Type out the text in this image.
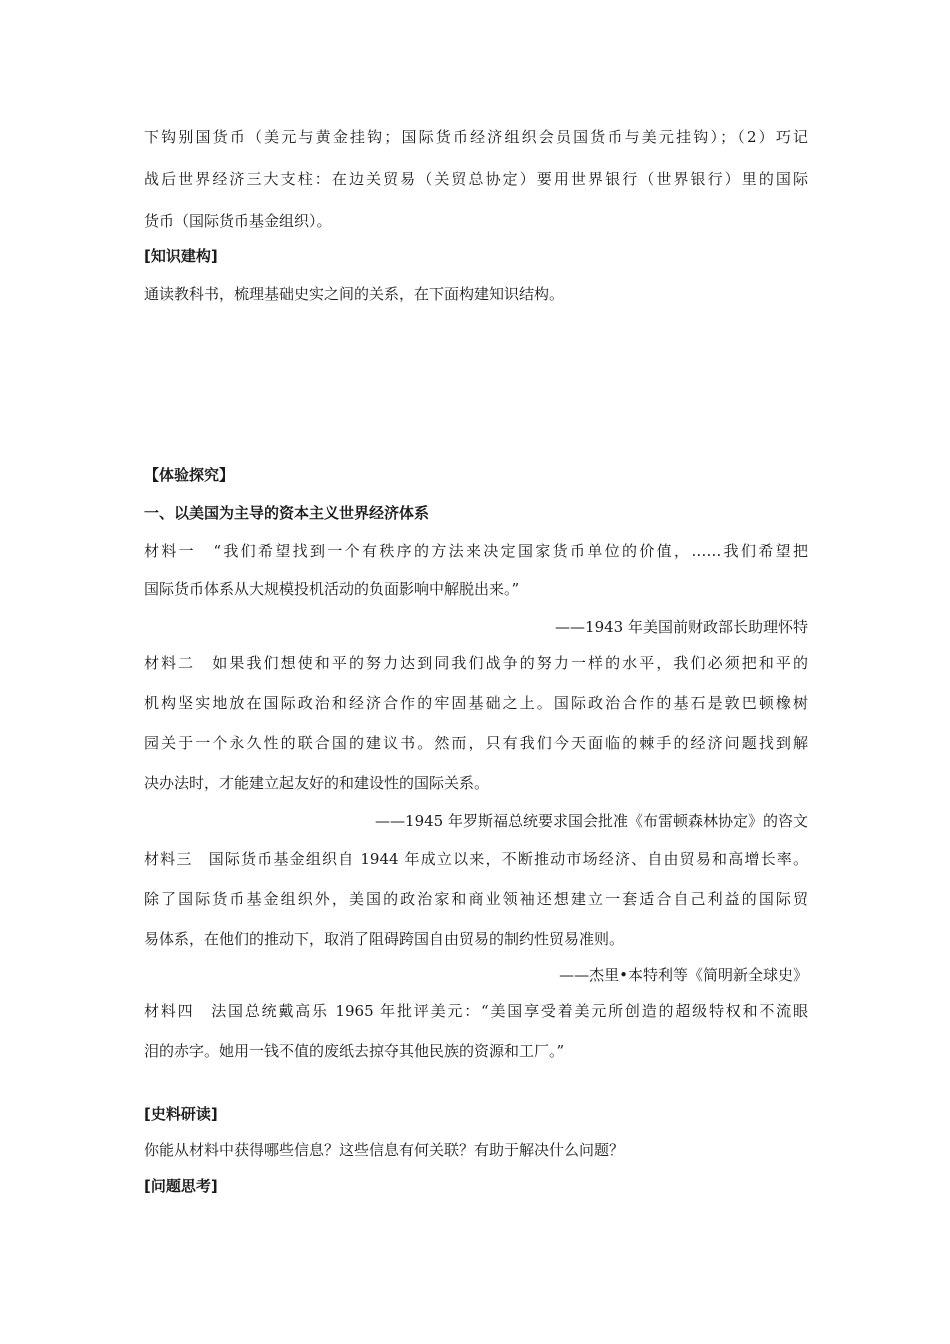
下钩别国货币（美元与黄金挂钩；国际货币经济组织会员国货币与美元挂钩）；（2）巧记
战后世界经济三大支柱：在边关贸易（关贸总协定）要用世界银行（世界银行）里的国际
货币（国际货币基金组织）。
[知识建构]
通读教科书，梳理基础史实之间的关系，在下面构建知识结构。
【体验探究】
一、以美国为主导的资本主义世界经济体系
材料一　“我们希望找到一个有秩序的方法来决定国家货币单位的价值，……我们希望把
国际货币体系从大规模投机活动的负面影响中解脱出来。”
——1943 年美国前财政部长助理怀特
材料二　如果我们想使和平的努力达到同我们战争的努力一样的水平，我们必须把和平的
机构坚实地放在国际政治和经济合作的牢固基础之上。国际政治合作的基石是敦巴顿橡树
园关于一个永久性的联合国的建议书。然而，只有我们今天面临的棘手的经济问题找到解
决办法时，才能建立起友好的和建设性的国际关系。
——1945 年罗斯福总统要求国会批准《布雷顿森林协定》的咨文
材料三　国际货币基金组织自 1944 年成立以来，不断推动市场经济、自由贸易和高增长率。
除了国际货币基金组织外，美国的政治家和商业领袖还想建立一套适合自己利益的国际贸
易体系，在他们的推动下，取消了阻碍跨国自由贸易的制约性贸易准则。
——杰里•本特利等《简明新全球史》
材料四　法国总统戴高乐 1965 年批评美元：“美国享受着美元所创造的超级特权和不流眼
泪的赤字。她用一钱不值的废纸去掠夺其他民族的资源和工厂。”
[史料研读]
你能从材料中获得哪些信息？这些信息有何关联？有助于解决什么问题？
[问题思考]
